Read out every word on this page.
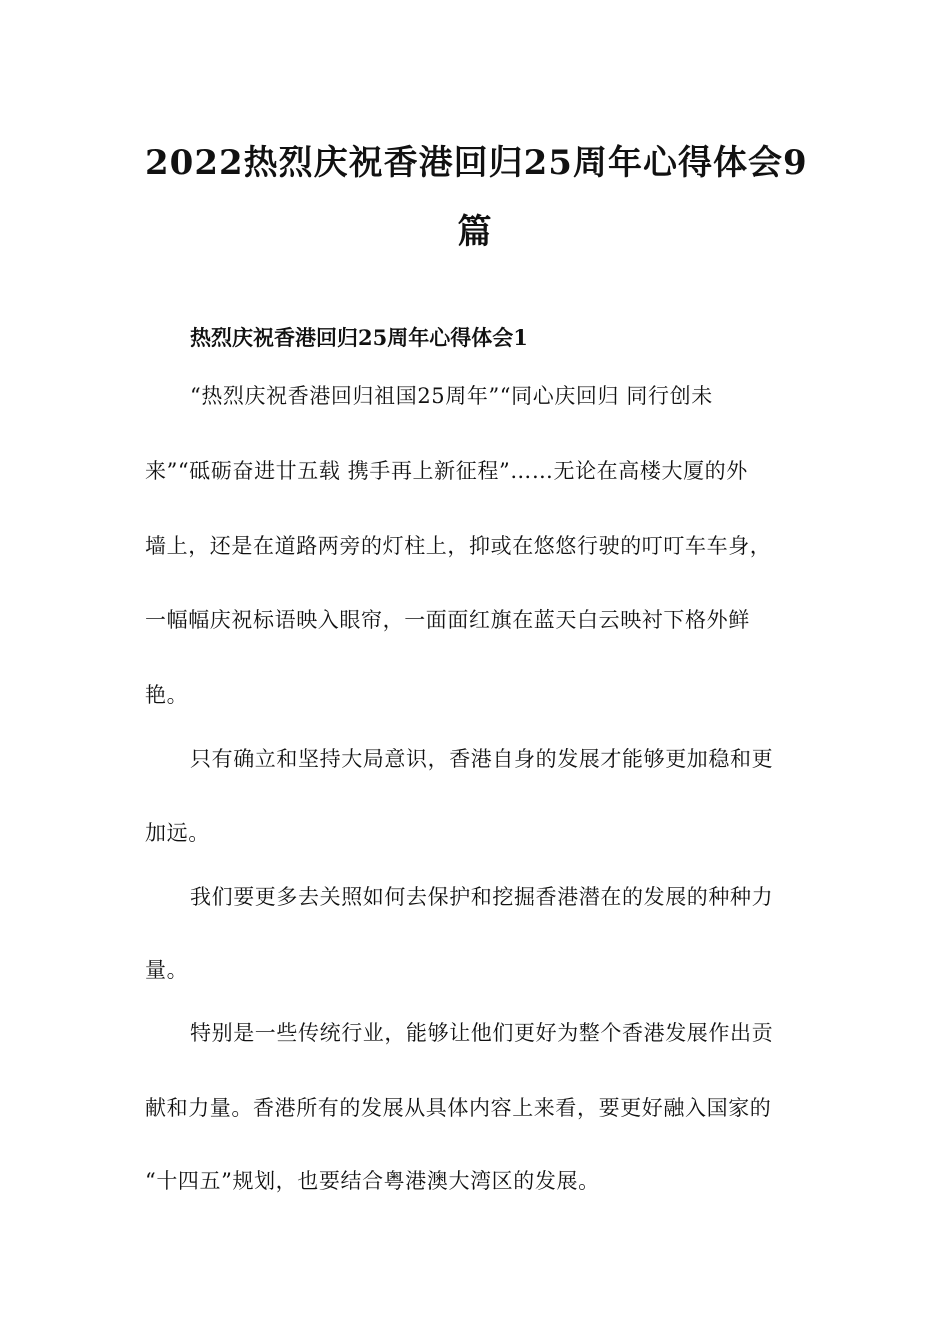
2022热烈庆祝香港回归25周年心得体会9
篇
热烈庆祝香港回归25周年心得体会1

“热烈庆祝香港回归祖国25周年”“同心庆回归 同行创未

来”“砥砺奋进廿五载 携手再上新征程”……无论在高楼大厦的外

墙上，还是在道路两旁的灯柱上，抑或在悠悠行驶的叮叮车车身，

一幅幅庆祝标语映入眼帘，一面面红旗在蓝天白云映衬下格外鲜

艳。

只有确立和坚持大局意识，香港自身的发展才能够更加稳和更

加远。

我们要更多去关照如何去保护和挖掘香港潜在的发展的种种力

量。

特别是一些传统行业，能够让他们更好为整个香港发展作出贡

献和力量。香港所有的发展从具体内容上来看，要更好融入国家的

“十四五”规划，也要结合粤港澳大湾区的发展。
